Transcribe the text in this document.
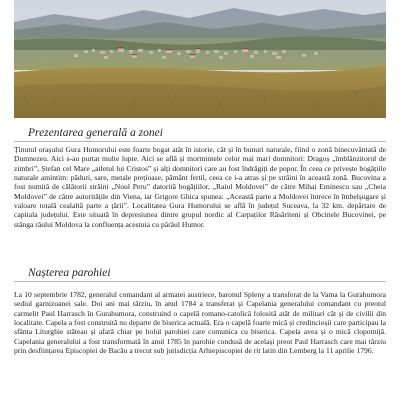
Prezentarea generală a zonei

Ținutul orașului Gura Humorului este foarte bogat atât în istorie, cât și în bunuri naturale, fiind o zonă binecuvântată de Dumnezeu. Aici s-au purtat multe lupte. Aici se află și mormintele celor mai mari domnitori: Dragoș „îmblânzitorul de zimbri”, Ștefan cel Mare „atletul lui Cristos” și alți domnitori care au fost îndrăgiți de popor. În ceea ce privește bogățiile naturale amintim: păduri, sare, metale prețioase, pământ fertil, ceea ce i-a atras și pe străini în această zonă. Bucovina a fost numită de călătorii străini „Noul Peru” datorită bogățiilor, „Raiul Moldovei” de către Mihai Eminescu sau „Cheia Moldovei” de către autoritățile din Viena, iar Grigore Ghica spunea: „Această parte a Moldovei întrece în îmbelșugare și valoare totală cealaltă parte a țării”. Localitatea Gura Humorului se află în județul Suceava, la 32 km. depărtare de capitala județului. Este situată în depresiunea dintre grupul nordic al Carpaților Răsăriteni și Obcinele Bucovinei, pe stânga râului Moldova la confluența acestuia cu pârâul Humor.

Nașterea parohiei

La 10 septembrie 1782, generalul comandant al armatei austriece, baronul Spleny a transferat de la Vama la Gurahumora sediul garnizoanei sale. Doi ani mai târziu, în anul 1784 a transferat și Capelania generalului comandant cu preotul carmelit Paul Harrasch în Gurahumora, construind o capelă romano-catolică folosită atât de militari cât și de civilii din localitate. Capela a fost construită nu departe de biserica actuală. Era o capelă foarte mică și credincioșii care participau la sfânta Liturghie stăteau și afară chiar pe holul parohiei care comunica cu biserica. Capela avea și o mică clopotniță. Capelania generalului a fost transformată în anul 1785 în parohie condusă de același preot Paul Harrasch care mai târziu prin desființarea Episcopiei de Bacău a trecut sub jurisdicția Arhiepiscopiei de rit latin din Lemberg la 11 aprilie 1796.
